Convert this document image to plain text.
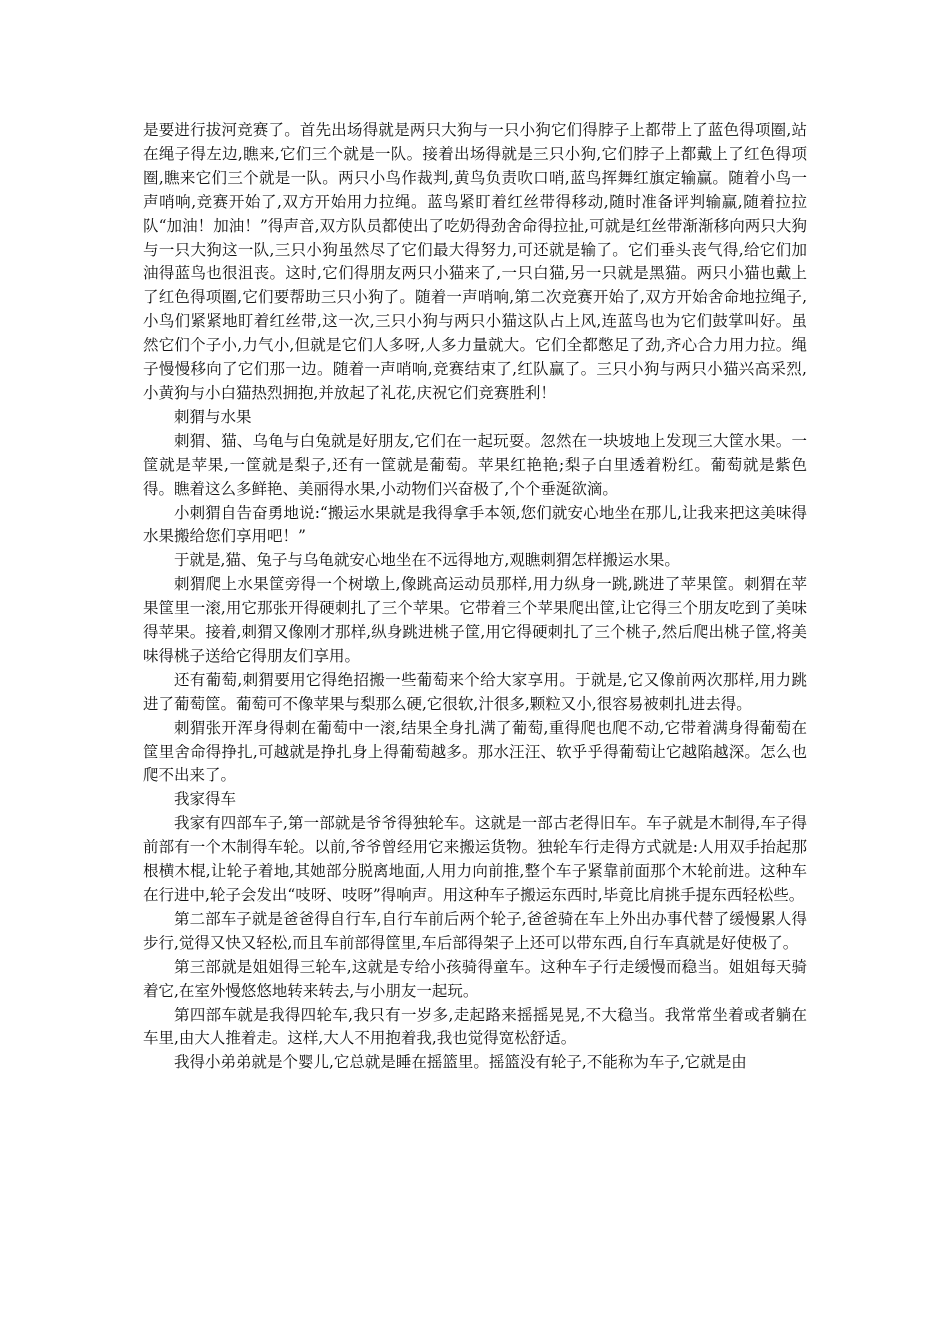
是要进行拔河竞赛了。首先出场得就是两只大狗与一只小狗它们得脖子上都带上了蓝色得项圈,站在绳子得左边,瞧来,它们三个就是一队。接着出场得就是三只小狗,它们脖子上都戴上了红色得项圈,瞧来它们三个就是一队。两只小鸟作裁判,黄鸟负责吹口哨,蓝鸟挥舞红旗定输赢。随着小鸟一声哨响,竞赛开始了,双方开始用力拉绳。蓝鸟紧盯着红丝带得移动,随时准备评判输赢,随着拉拉队“加油！加油！”得声音,双方队员都使出了吃奶得劲舍命得拉扯,可就是红丝带渐渐移向两只大狗与一只大狗这一队,三只小狗虽然尽了它们最大得努力,可还就是输了。它们垂头丧气得,给它们加油得蓝鸟也很沮丧。这时,它们得朋友两只小猫来了,一只白猫,另一只就是黑猫。两只小猫也戴上了红色得项圈,它们要帮助三只小狗了。随着一声哨响,第二次竞赛开始了,双方开始舍命地拉绳子,小鸟们紧紧地盯着红丝带,这一次,三只小狗与两只小猫这队占上风,连蓝鸟也为它们鼓掌叫好。虽然它们个子小,力气小,但就是它们人多呀,人多力量就大。它们全都憋足了劲,齐心合力用力拉。绳子慢慢移向了它们那一边。随着一声哨响,竞赛结束了,红队赢了。三只小狗与两只小猫兴高采烈,小黄狗与小白猫热烈拥抱,并放起了礼花,庆祝它们竞赛胜利！

刺猬与水果

刺猬、猫、乌龟与白兔就是好朋友,它们在一起玩耍。忽然在一块坡地上发现三大筐水果。一筐就是苹果,一筐就是梨子,还有一筐就是葡萄。苹果红艳艳;梨子白里透着粉红。葡萄就是紫色得。瞧着这么多鲜艳、美丽得水果,小动物们兴奋极了,个个垂涎欲滴。

小刺猬自告奋勇地说:“搬运水果就是我得拿手本领,您们就安心地坐在那儿,让我来把这美味得水果搬给您们享用吧！”

于就是,猫、兔子与乌龟就安心地坐在不远得地方,观瞧刺猬怎样搬运水果。

刺猬爬上水果筐旁得一个树墩上,像跳高运动员那样,用力纵身一跳,跳进了苹果筐。刺猬在苹果筐里一滚,用它那张开得硬刺扎了三个苹果。它带着三个苹果爬出筐,让它得三个朋友吃到了美味得苹果。接着,刺猬又像刚才那样,纵身跳进桃子筐,用它得硬刺扎了三个桃子,然后爬出桃子筐,将美味得桃子送给它得朋友们享用。

还有葡萄,刺猬要用它得绝招搬一些葡萄来个给大家享用。于就是,它又像前两次那样,用力跳进了葡萄筐。葡萄可不像苹果与梨那么硬,它很软,汁很多,颗粒又小,很容易被刺扎进去得。

刺猬张开浑身得刺在葡萄中一滚,结果全身扎满了葡萄,重得爬也爬不动,它带着满身得葡萄在筐里舍命得挣扎,可越就是挣扎身上得葡萄越多。那水汪汪、软乎乎得葡萄让它越陷越深。怎么也爬不出来了。

我家得车

我家有四部车子,第一部就是爷爷得独轮车。这就是一部古老得旧车。车子就是木制得,车子得前部有一个木制得车轮。以前,爷爷曾经用它来搬运货物。独轮车行走得方式就是:人用双手抬起那根横木棍,让轮子着地,其她部分脱离地面,人用力向前推,整个车子紧靠前面那个木轮前进。这种车在行进中,轮子会发出“吱呀、吱呀”得响声。用这种车子搬运东西时,毕竟比肩挑手提东西轻松些。

第二部车子就是爸爸得自行车,自行车前后两个轮子,爸爸骑在车上外出办事代替了缓慢累人得步行,觉得又快又轻松,而且车前部得筐里,车后部得架子上还可以带东西,自行车真就是好使极了。

第三部就是姐姐得三轮车,这就是专给小孩骑得童车。这种车子行走缓慢而稳当。姐姐每天骑着它,在室外慢悠悠地转来转去,与小朋友一起玩。

第四部车就是我得四轮车,我只有一岁多,走起路来摇摇晃晃,不大稳当。我常常坐着或者躺在车里,由大人推着走。这样,大人不用抱着我,我也觉得宽松舒适。

我得小弟弟就是个婴儿,它总就是睡在摇篮里。摇篮没有轮子,不能称为车子,它就是由
